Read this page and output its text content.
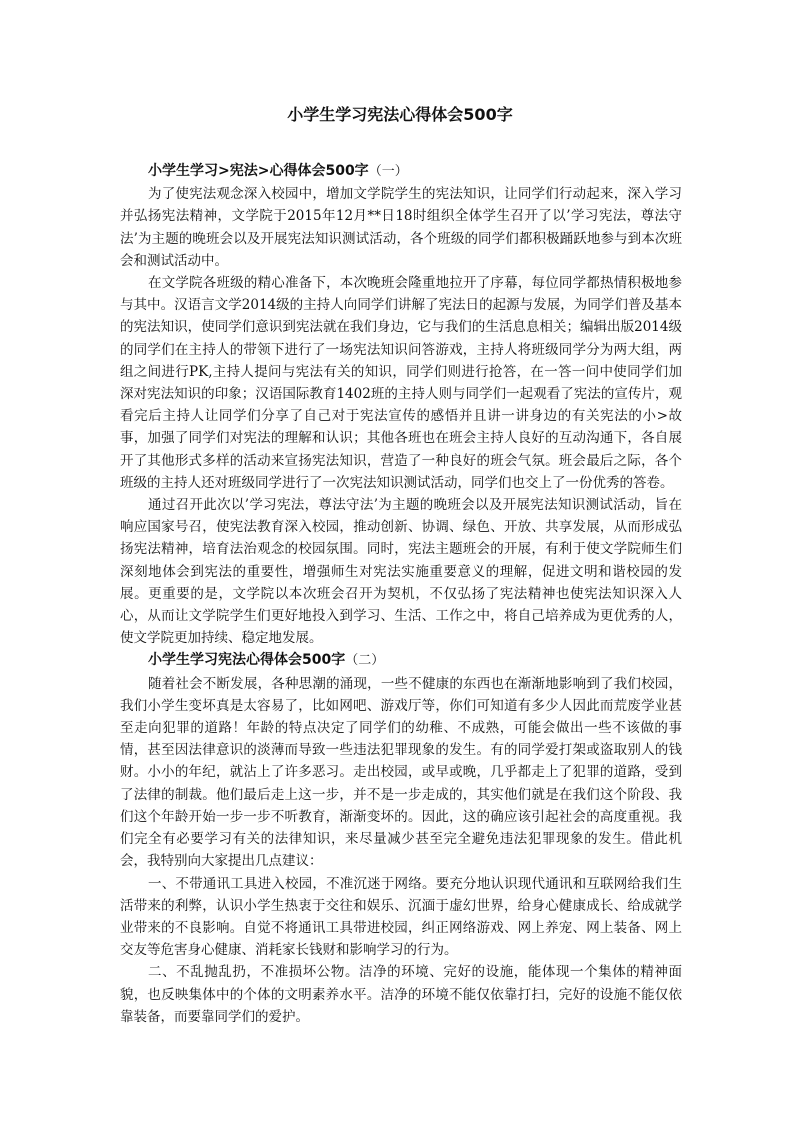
小学生学习宪法心得体会500字

小学生学习>宪法>心得体会500字（一）

为了使宪法观念深入校园中，增加文学院学生的宪法知识，让同学们行动起来，深入学习并弘扬宪法精神，文学院于2015年12月**日18时组织全体学生召开了以’学习宪法，尊法守法’为主题的晚班会以及开展宪法知识测试活动，各个班级的同学们都积极踊跃地参与到本次班会和测试活动中。

在文学院各班级的精心准备下，本次晚班会隆重地拉开了序幕，每位同学都热情积极地参与其中。汉语言文学2014级的主持人向同学们讲解了宪法日的起源与发展，为同学们普及基本的宪法知识，使同学们意识到宪法就在我们身边，它与我们的生活息息相关；编辑出版2014级的同学们在主持人的带领下进行了一场宪法知识问答游戏，主持人将班级同学分为两大组，两组之间进行PK,主持人提问与宪法有关的知识，同学们则进行抢答，在一答一问中使同学们加深对宪法知识的印象；汉语国际教育1402班的主持人则与同学们一起观看了宪法的宣传片，观看完后主持人让同学们分享了自己对于宪法宣传的感悟并且讲一讲身边的有关宪法的小>故事，加强了同学们对宪法的理解和认识；其他各班也在班会主持人良好的互动沟通下，各自展开了其他形式多样的活动来宣扬宪法知识，营造了一种良好的班会气氛。班会最后之际，各个班级的主持人还对班级同学进行了一次宪法知识测试活动，同学们也交上了一份优秀的答卷。

通过召开此次以’学习宪法，尊法守法’为主题的晚班会以及开展宪法知识测试活动，旨在响应国家号召，使宪法教育深入校园，推动创新、协调、绿色、开放、共享发展，从而形成弘扬宪法精神，培育法治观念的校园氛围。同时，宪法主题班会的开展，有利于使文学院师生们深刻地体会到宪法的重要性，增强师生对宪法实施重要意义的理解，促进文明和谐校园的发展。更重要的是，文学院以本次班会召开为契机，不仅弘扬了宪法精神也使宪法知识深入人心，从而让文学院学生们更好地投入到学习、生活、工作之中，将自己培养成为更优秀的人，使文学院更加持续、稳定地发展。

小学生学习宪法心得体会500字（二）

随着社会不断发展，各种思潮的涌现，一些不健康的东西也在渐渐地影响到了我们校园，我们小学生变坏真是太容易了，比如网吧、游戏厅等，你们可知道有多少人因此而荒废学业甚至走向犯罪的道路！年龄的特点决定了同学们的幼稚、不成熟，可能会做出一些不该做的事情，甚至因法律意识的淡薄而导致一些违法犯罪现象的发生。有的同学爱打架或盗取别人的钱财。小小的年纪，就沾上了许多恶习。走出校园，或早或晚，几乎都走上了犯罪的道路，受到了法律的制裁。他们最后走上这一步，并不是一步走成的，其实他们就是在我们这个阶段、我们这个年龄开始一步一步不听教育，渐渐变坏的。因此，这的确应该引起社会的高度重视。我们完全有必要学习有关的法律知识，来尽量减少甚至完全避免违法犯罪现象的发生。借此机会，我特别向大家提出几点建议：

一、不带通讯工具进入校园，不准沉迷于网络。要充分地认识现代通讯和互联网给我们生活带来的利弊，认识小学生热衷于交往和娱乐、沉湎于虚幻世界，给身心健康成长、给成就学业带来的不良影响。自觉不将通讯工具带进校园，纠正网络游戏、网上养宠、网上装备、网上交友等危害身心健康、消耗家长钱财和影响学习的行为。

二、不乱抛乱扔，不准损坏公物。洁净的环境、完好的设施，能体现一个集体的精神面貌，也反映集体中的个体的文明素养水平。洁净的环境不能仅依靠打扫，完好的设施不能仅依靠装备，而要靠同学们的爱护。
